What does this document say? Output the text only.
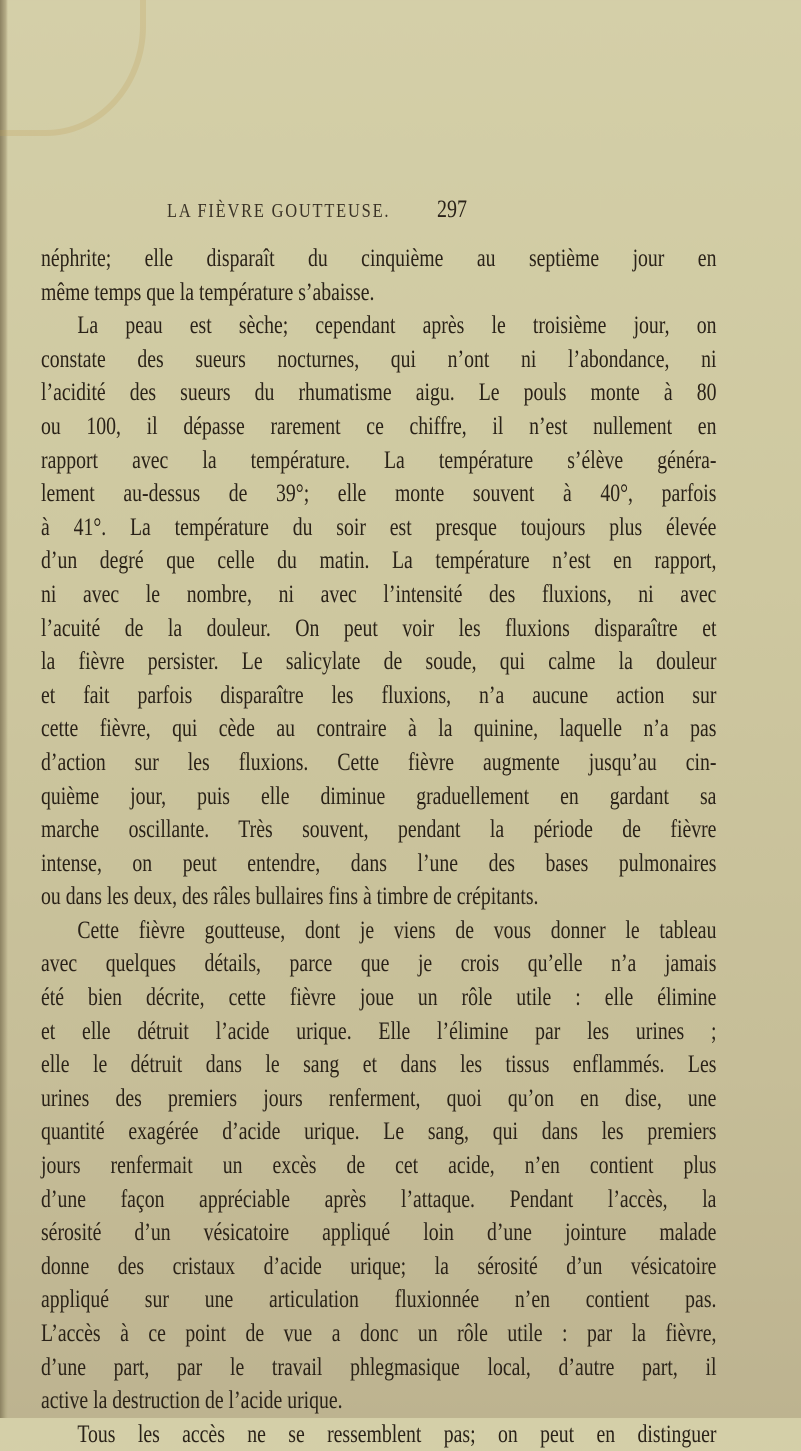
LA FIÈVRE GOUTTEUSE. 297
néphrite; elle disparaît du cinquième au septième jour en
même temps que la température s’abaisse.
La peau est sèche; cependant après le troisième jour, on
constate des sueurs nocturnes, qui n’ont ni l’abondance, ni
l’acidité des sueurs du rhumatisme aigu. Le pouls monte à 80
ou 100, il dépasse rarement ce chiffre, il n’est nullement en
rapport avec la température. La température s’élève généra-
lement au-dessus de 39°; elle monte souvent à 40°, parfois
à 41°. La température du soir est presque toujours plus élevée
d’un degré que celle du matin. La température n’est en rapport,
ni avec le nombre, ni avec l’intensité des fluxions, ni avec
l’acuité de la douleur. On peut voir les fluxions disparaître et
la fièvre persister. Le salicylate de soude, qui calme la douleur
et fait parfois disparaître les fluxions, n’a aucune action sur
cette fièvre, qui cède au contraire à la quinine, laquelle n’a pas
d’action sur les fluxions. Cette fièvre augmente jusqu’au cin-
quième jour, puis elle diminue graduellement en gardant sa
marche oscillante. Très souvent, pendant la période de fièvre
intense, on peut entendre, dans l’une des bases pulmonaires
ou dans les deux, des râles bullaires fins à timbre de crépitants.
Cette fièvre goutteuse, dont je viens de vous donner le tableau
avec quelques détails, parce que je crois qu’elle n’a jamais
été bien décrite, cette fièvre joue un rôle utile : elle élimine
et elle détruit l’acide urique. Elle l’élimine par les urines ;
elle le détruit dans le sang et dans les tissus enflammés. Les
urines des premiers jours renferment, quoi qu’on en dise, une
quantité exagérée d’acide urique. Le sang, qui dans les premiers
jours renfermait un excès de cet acide, n’en contient plus
d’une façon appréciable après l’attaque. Pendant l’accès, la
sérosité d’un vésicatoire appliqué loin d’une jointure malade
donne des cristaux d’acide urique; la sérosité d’un vésicatoire
appliqué sur une articulation fluxionnée n’en contient pas.
L’accès à ce point de vue a donc un rôle utile : par la fièvre,
d’une part, par le travail phlegmasique local, d’autre part, il
active la destruction de l’acide urique.
Tous les accès ne se ressemblent pas; on peut en distinguer
